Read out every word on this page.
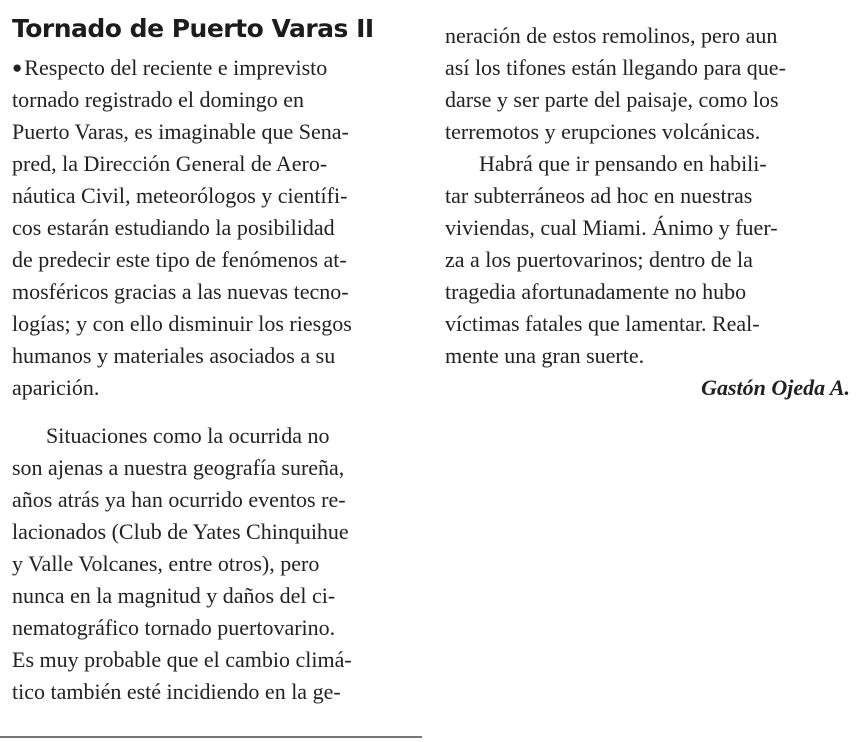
Tornado de Puerto Varas II
●Respecto del reciente e imprevisto
tornado registrado el domingo en
Puerto Varas, es imaginable que Sena-
pred, la Dirección General de Aero-
náutica Civil, meteorólogos y científi-
cos estarán estudiando la posibilidad
de predecir este tipo de fenómenos at-
mosféricos gracias a las nuevas tecno-
logías; y con ello disminuir los riesgos
humanos y materiales asociados a su
aparición.
Situaciones como la ocurrida no
son ajenas a nuestra geografía sureña,
años atrás ya han ocurrido eventos re-
lacionados (Club de Yates Chinquihue
y Valle Volcanes, entre otros), pero
nunca en la magnitud y daños del ci-
nematográfico tornado puertovarino.
Es muy probable que el cambio climá-
tico también esté incidiendo en la ge-
neración de estos remolinos, pero aun
así los tifones están llegando para que-
darse y ser parte del paisaje, como los
terremotos y erupciones volcánicas.
Habrá que ir pensando en habili-
tar subterráneos ad hoc en nuestras
viviendas, cual Miami. Ánimo y fuer-
za a los puertovarinos; dentro de la
tragedia afortunadamente no hubo
víctimas fatales que lamentar. Real-
mente una gran suerte.
Gastón Ojeda A.
